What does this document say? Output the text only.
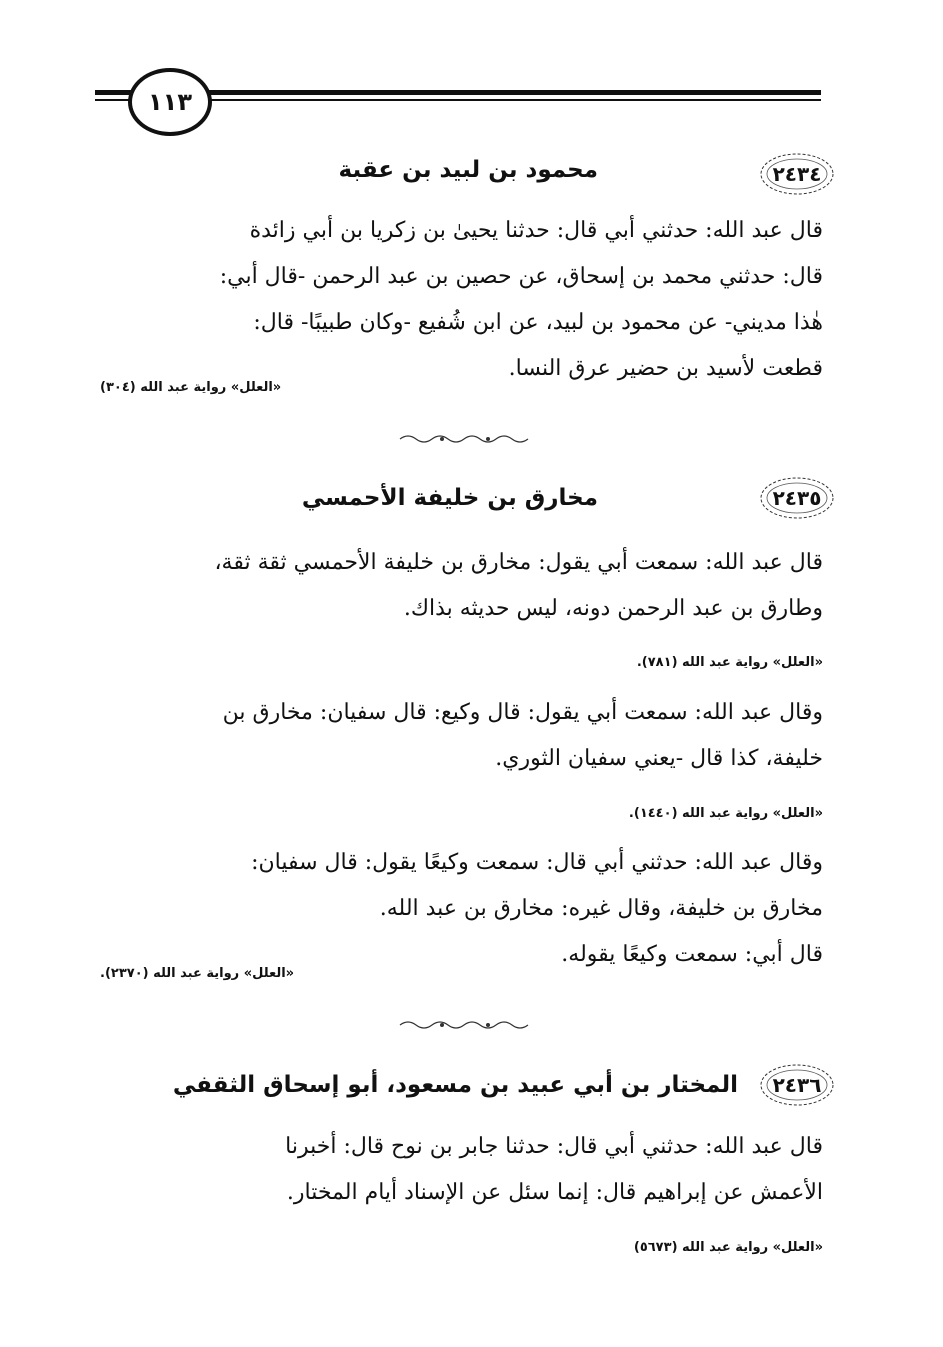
١١٣
٢٤٣٤
محمود بن لبيد بن عقبة
قال عبد الله: حدثني أبي قال: حدثنا يحيىٰ بن زكريا بن أبي زائدة
قال: حدثني محمد بن إسحاق، عن حصين بن عبد الرحمن -قال أبي:
هٰذا مديني- عن محمود بن لبيد، عن ابن شُفيع -وكان طبيبًا- قال:
قطعت لأسيد بن حضير عرق النسا.
«العلل» رواية عبد الله (٣٠٤)
٢٤٣٥
مخارق بن خليفة الأحمسي
قال عبد الله: سمعت أبي يقول: مخارق بن خليفة الأحمسي ثقة ثقة،
وطارق بن عبد الرحمن دونه، ليس حديثه بذاك.
«العلل» رواية عبد الله (٧٨١).
وقال عبد الله: سمعت أبي يقول: قال وكيع: قال سفيان: مخارق بن
خليفة، كذا قال -يعني سفيان الثوري.
«العلل» رواية عبد الله (١٤٤٠).
وقال عبد الله: حدثني أبي قال: سمعت وكيعًا يقول: قال سفيان:
مخارق بن خليفة، وقال غيره: مخارق بن عبد الله.
قال أبي: سمعت وكيعًا يقوله.
«العلل» رواية عبد الله (٢٣٧٠).
٢٤٣٦
المختار بن أبي عبيد بن مسعود، أبو إسحاق الثقفي
قال عبد الله: حدثني أبي قال: حدثنا جابر بن نوح قال: أخبرنا
الأعمش عن إبراهيم قال: إنما سئل عن الإسناد أيام المختار.
«العلل» رواية عبد الله (٥٦٧٣)
